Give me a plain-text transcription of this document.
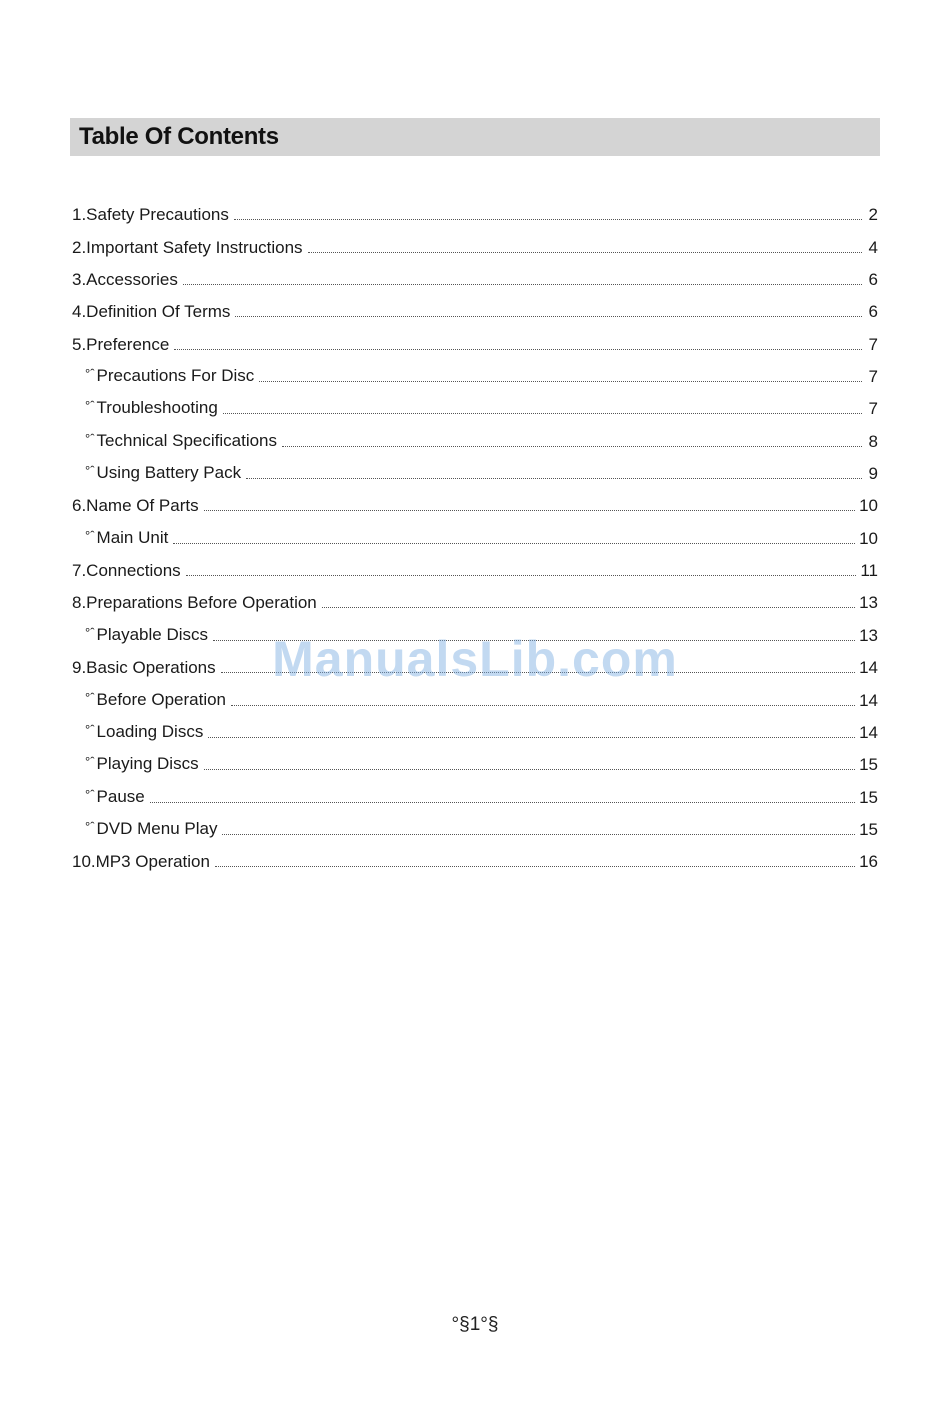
Table Of Contents
1.Safety Precautions	2
2.Important Safety Instructions	4
3.Accessories	6
4.Definition Of Terms	6
5.Preference	7
°ˆ Precautions For Disc	7
°ˆ Troubleshooting	7
°ˆ Technical Specifications	8
°ˆ Using Battery Pack	9
6.Name Of Parts	10
°ˆ Main Unit	10
7.Connections	11
8.Preparations Before Operation	13
°ˆ Playable Discs	13
9.Basic Operations	14
°ˆ Before Operation	14
°ˆ Loading Discs	14
°ˆ Playing Discs	15
°ˆ Pause	15
°ˆ DVD Menu Play	15
10.MP3 Operation	16
ManualsLib.com
°§1°§
